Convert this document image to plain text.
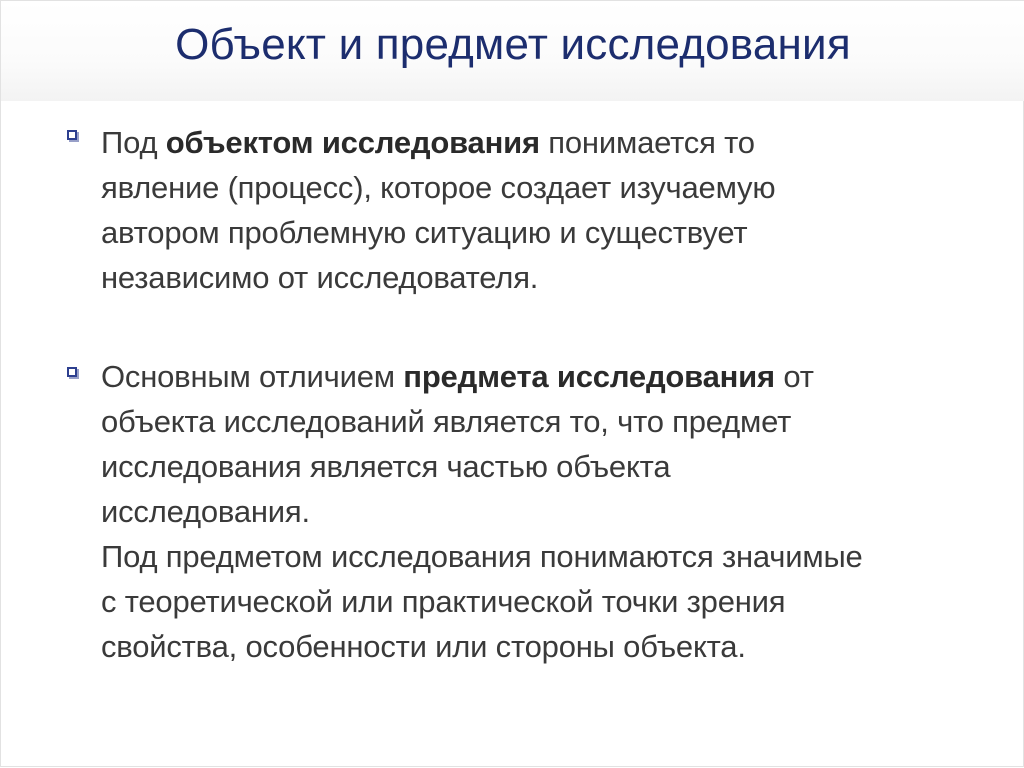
Объект и предмет исследования

Под объектом исследования понимается то
явление (процесс), которое создает изучаемую
автором проблемную ситуацию и существует
независимо от исследователя.

Основным отличием предмета исследования от
объекта исследований является то, что предмет
исследования является частью объекта
исследования.
Под предметом исследования понимаются значимые
с теоретической или практической точки зрения
свойства, особенности или стороны объекта.
